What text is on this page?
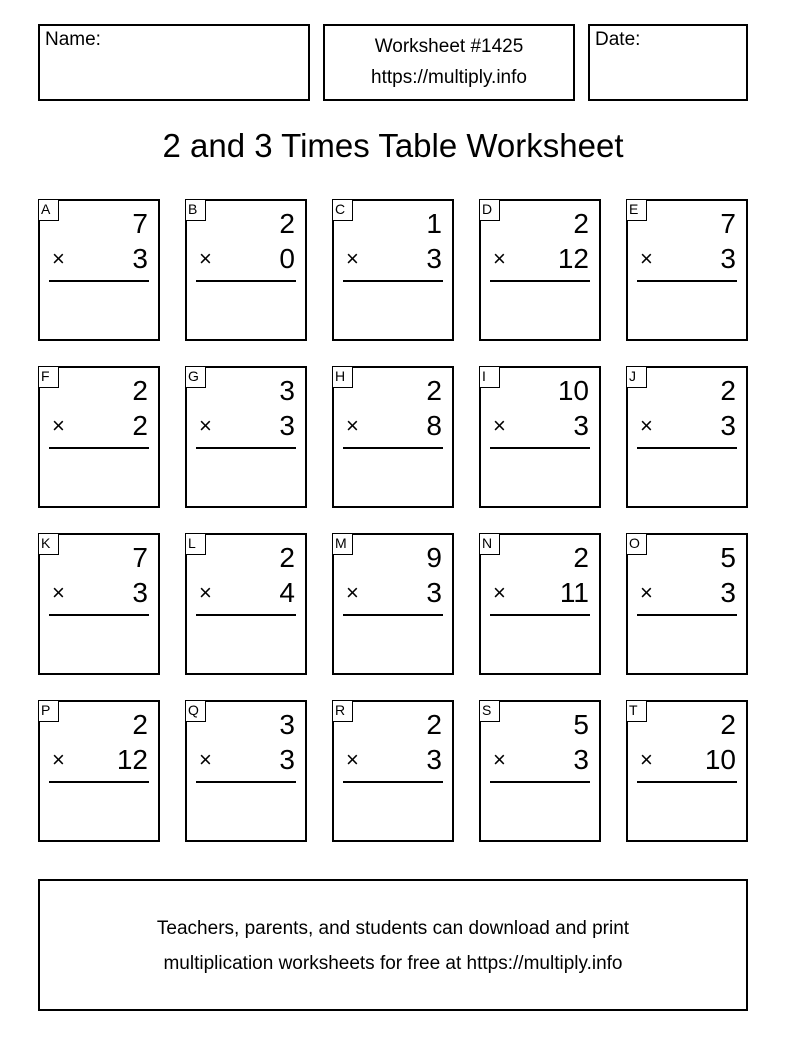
Name:	Worksheet #1425
https://multiply.info
Date:
2 and 3 Times Table Worksheet
A	7
× 3
B	2
× 0
C	1
× 3
D	2
× 12
E	7
× 3
F	2
× 2
G	3
× 3
H	2
× 8
I	10
× 3
J	2
× 3
K	7
× 3
L	2
× 4
M	9
× 3
N	2
× 11
O	5
× 3
P	2
× 12
Q	3
× 3
R	2
× 3
S	5
× 3
T	2
× 10
Teachers, parents, and students can download and print
multiplication worksheets for free at https://multiply.info
